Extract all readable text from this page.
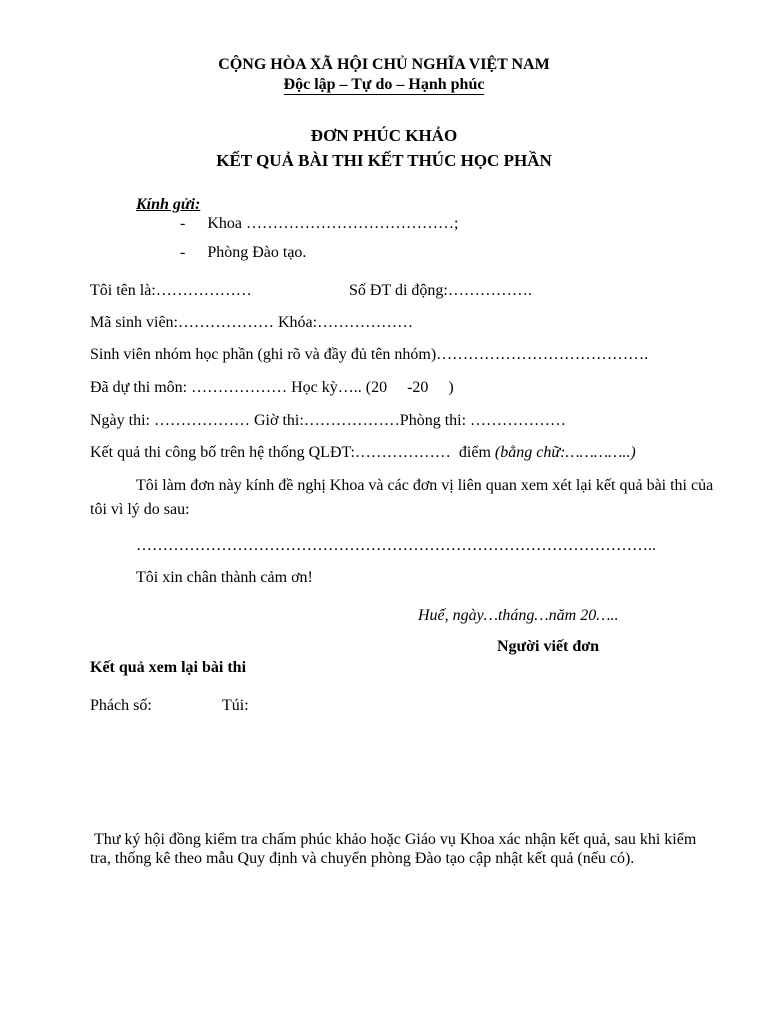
CỘNG HÒA XÃ HỘI CHỦ NGHĨA VIỆT NAM
Độc lập – Tự do – Hạnh phúc
ĐƠN PHÚC KHẢO
KẾT QUẢ BÀI THI KẾT THÚC HỌC PHẦN
Kính gửi:
- Khoa …………………………………;
- Phòng Đào tạo.
Tôi tên là:………………	Số ĐT di động:…………….
Mã sinh viên:……………… Khóa:………………
Sinh viên nhóm học phần (ghi rõ và đầy đủ tên nhóm)………………………………….
Đã dự thi môn: ……………… Học kỳ….. (20     -20     )
Ngày thi: ……………… Giờ thi:………………Phòng thi: ………………
Kết quả thi công bố trên hệ thống QLĐT:………………  điểm (bằng chữ:…………..)
Tôi làm đơn này kính đề nghị Khoa và các đơn vị liên quan xem xét lại kết quả bài thi của tôi vì lý do sau:
……………………………………………………………………………………..
Tôi xin chân thành cảm ơn!
Huế, ngày…tháng…năm 20…..
Người viết đơn
Kết quả xem lại bài thi
Phách số:	Túi:
Thư ký hội đồng kiểm tra chấm phúc khảo hoặc Giáo vụ Khoa xác nhận kết quả, sau khi kiểm tra, thống kê theo mẫu Quy định và chuyển phòng Đào tạo cập nhật kết quả (nếu có).
